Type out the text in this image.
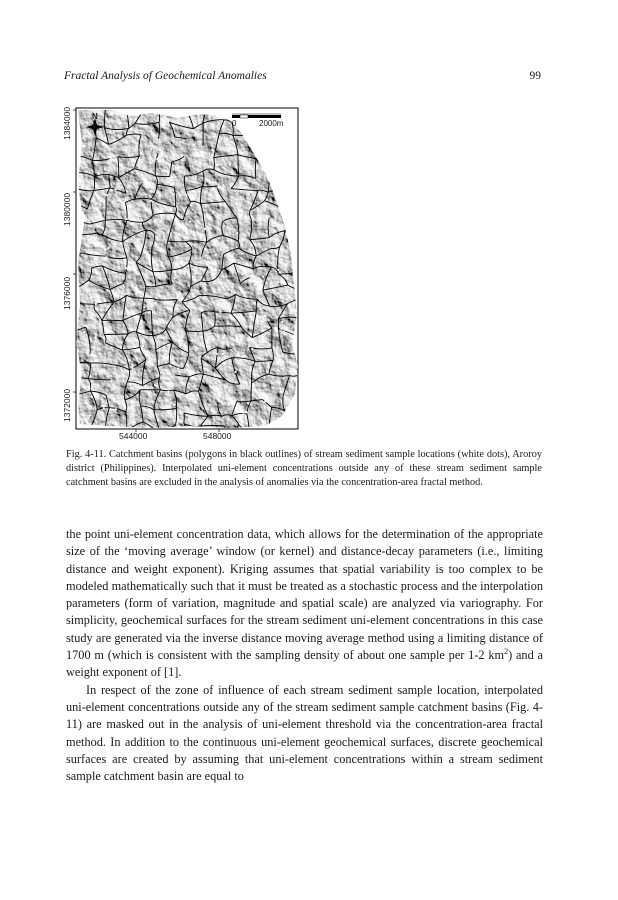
Fractal Analysis of Geochemical Anomalies	99
N
0	2000m
1384000
1380000
1376000
1372000
544000	548000
Fig. 4-11. Catchment basins (polygons in black outlines) of stream sediment sample locations (white dots), Aroroy district (Philippines). Interpolated uni-element concentrations outside any of these stream sediment sample catchment basins are excluded in the analysis of anomalies via the concentration-area fractal method.

the point uni-element concentration data, which allows for the determination of the appropriate size of the ‘moving average’ window (or kernel) and distance-decay parameters (i.e., limiting distance and weight exponent). Kriging assumes that spatial variability is too complex to be modeled mathematically such that it must be treated as a stochastic process and the interpolation parameters (form of variation, magnitude and spatial scale) are analyzed via variography. For simplicity, geochemical surfaces for the stream sediment uni-element concentrations in this case study are generated via the inverse distance moving average method using a limiting distance of 1700 m (which is consistent with the sampling density of about one sample per 1-2 $km^2$) and a weight exponent of [1].

In respect of the zone of influence of each stream sediment sample location, interpolated uni-element concentrations outside any of the stream sediment sample catchment basins (Fig. 4-11) are masked out in the analysis of uni-element threshold via the concentration-area fractal method. In addition to the continuous uni-element geochemical surfaces, discrete geochemical surfaces are created by assuming that uni-element concentrations within a stream sediment sample catchment basin are equal to
